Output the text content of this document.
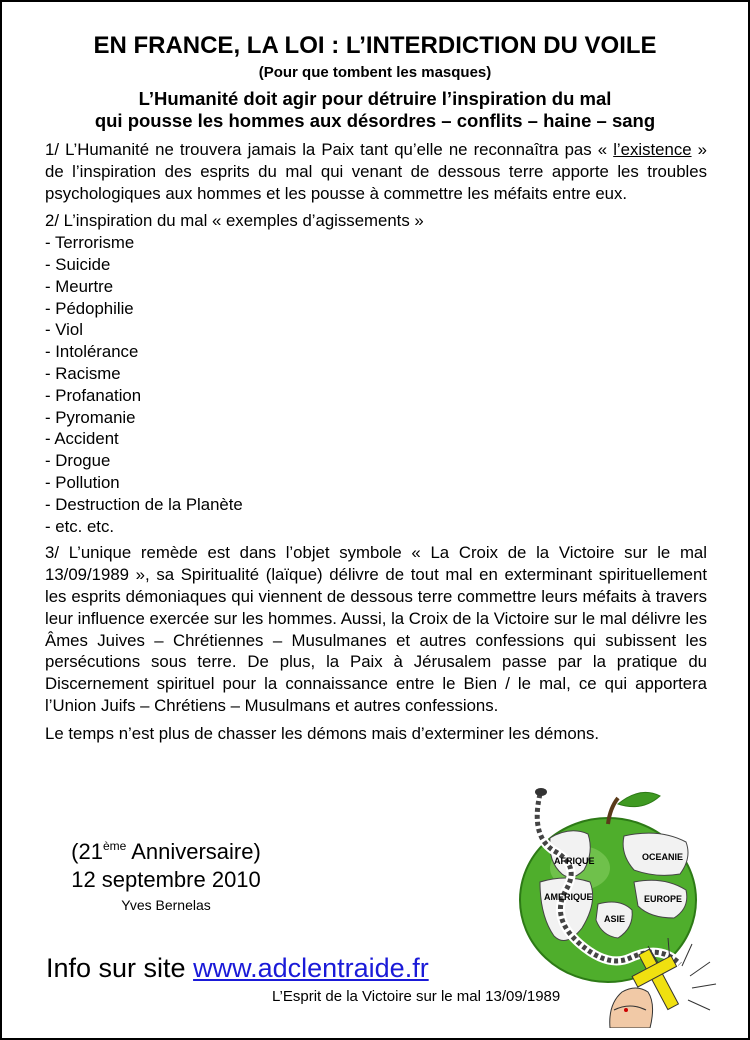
EN FRANCE, LA LOI : L’INTERDICTION DU VOILE
(Pour que tombent les masques)
L’Humanité doit agir pour détruire l’inspiration du mal
qui pousse les hommes aux désordres – conflits – haine – sang

1/ L’Humanité ne trouvera jamais la Paix tant qu’elle ne reconnaîtra pas « l’existence » de l’inspiration des esprits du mal qui venant de dessous terre apporte les troubles psychologiques aux hommes et les pousse à commettre les méfaits entre eux.

2/ L’inspiration du mal « exemples d’agissements »

- Terrorisme
- Suicide
- Meurtre
- Pédophilie
- Viol
- Intolérance
- Racisme
- Profanation
- Pyromanie
- Accident
- Drogue
- Pollution
- Destruction de la Planète
- etc. etc.

3/ L’unique remède est dans l’objet symbole « La Croix de la Victoire sur le mal 13/09/1989 », sa Spiritualité (laïque) délivre de tout mal en exterminant spirituellement les esprits démoniaques qui viennent de dessous terre commettre leurs méfaits à travers leur influence exercée sur les hommes. Aussi, la Croix de la Victoire sur le mal délivre les Âmes Juives – Chrétiennes – Musulmanes et autres confessions qui subissent les persécutions sous terre. De plus, la Paix à Jérusalem passe par la pratique du Discernement spirituel pour la connaissance entre le Bien / le mal, ce qui apportera l’Union Juifs – Chrétiens – Musulmans et autres confessions.

Le temps n’est plus de chasser les démons mais d’exterminer les démons.

(21ème Anniversaire)
12 septembre 2010
Yves Bernelas
Info sur site www.adclentraide.fr
AFRIQUE	OCEANIE
AMERIQUE	EUROPE
ASIE
L’Esprit de la Victoire sur le mal 13/09/1989
